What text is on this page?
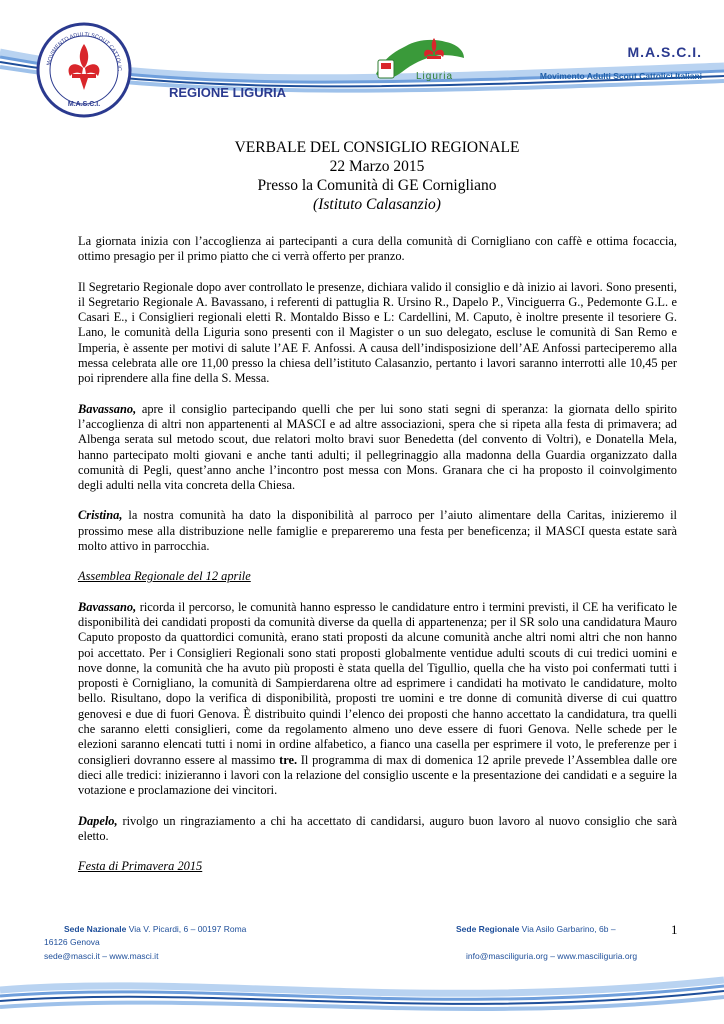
M.A.S.C.I.
MOVIMENTO ADULTI SCOUT CATTOLIC
Liguria
M.A.S.C.I.
Movimento Adulti Scout Cattolici Italiani
REGIONE LIGURIA
VERBALE DEL CONSIGLIO REGIONALE
22 Marzo 2015
Presso la Comunità di GE Cornigliano
(Istituto Calasanzio)

La giornata inizia con l’accoglienza ai partecipanti a cura della comunità di Cornigliano con caffè e ottima focaccia, ottimo presagio per il primo piatto che ci verrà offerto per pranzo.

Il Segretario Regionale dopo aver controllato le presenze, dichiara valido il consiglio e dà inizio ai lavori. Sono presenti, il Segretario Regionale A. Bavassano, i referenti di pattuglia R. Ursino R., Dapelo P., Vinciguerra G., Pedemonte G.L. e Casari E., i Consiglieri regionali eletti R. Montaldo Bisso e L: Cardellini, M. Caputo, è inoltre presente il tesoriere G. Lano, le comunità della Liguria sono presenti con il Magister o un suo delegato, escluse le comunità di San Remo e Imperia, è assente per motivi di salute l’AE F. Anfossi. A causa dell’indisposizione dell’AE Anfossi parteciperemo alla messa celebrata alle ore 11,00 presso la chiesa dell’istituto Calasanzio, pertanto i lavori saranno interrotti alle 10,45 per poi riprendere alla fine della S. Messa.

Bavassano, apre il consiglio partecipando quelli che per lui sono stati segni di speranza: la giornata dello spirito l’accoglienza di altri non appartenenti al MASCI e ad altre associazioni, spera che si ripeta alla festa di primavera; ad Albenga serata sul metodo scout, due relatori molto bravi suor Benedetta (del convento di Voltri), e Donatella Mela, hanno partecipato molti giovani e anche tanti adulti; il pellegrinaggio alla madonna della Guardia organizzato dalla comunità di Pegli, quest’anno anche l’incontro post messa con Mons. Granara che ci ha proposto il coinvolgimento degli adulti nella vita concreta della Chiesa.

Cristina, la nostra comunità ha dato la disponibilità al parroco per l’aiuto alimentare della Caritas, inizieremo il prossimo mese alla distribuzione nelle famiglie e prepareremo una festa per beneficenza; il MASCI questa estate sarà molto attivo in parrocchia.

Assemblea Regionale del 12 aprile

Bavassano, ricorda il percorso, le comunità hanno espresso le candidature entro i termini previsti, il CE ha verificato le disponibilità dei candidati proposti da comunità diverse da quella di appartenenza; per il SR solo una candidatura Mauro Caputo proposto da quattordici comunità, erano stati proposti da alcune comunità anche altri nomi altri che non hanno poi accettato. Per i Consiglieri Regionali sono stati proposti globalmente ventidue adulti scouts di cui tredici uomini e nove donne, la comunità che ha avuto più proposti è stata quella del Tigullio, quella che ha visto poi confermati tutti i proposti è Cornigliano, la comunità di Sampierdarena oltre ad esprimere i candidati ha motivato le candidature, molto bello. Risultano, dopo la verifica di disponibilità, proposti tre uomini e tre donne di comunità diverse di cui quattro genovesi e due di fuori Genova. È distribuito quindi l’elenco dei proposti che hanno accettato la candidatura, tra quelli che saranno eletti consiglieri, come da regolamento almeno uno deve essere di fuori Genova. Nelle schede per le elezioni saranno elencati tutti i nomi in ordine alfabetico, a fianco una casella per esprimere il voto, le preferenze per i consiglieri dovranno essere al massimo tre. Il programma di max di domenica 12 aprile prevede l’Assemblea dalle ore dieci alle tredici: inizieranno i lavori con la relazione del consiglio uscente e la presentazione dei candidati e a seguire la votazione e proclamazione dei vincitori.

Dapelo, rivolgo un ringraziamento a chi ha accettato di candidarsi, auguro buon lavoro al nuovo consiglio che sarà eletto.

Festa di Primavera 2015
Sede Nazionale Via V. Picardi, 6 – 00197 Roma
16126 Genova
sede@masci.it – www.masci.it
Sede Regionale Via Asilo Garbarino, 6b –
info@masciliguria.org – www.masciliguria.org
1
